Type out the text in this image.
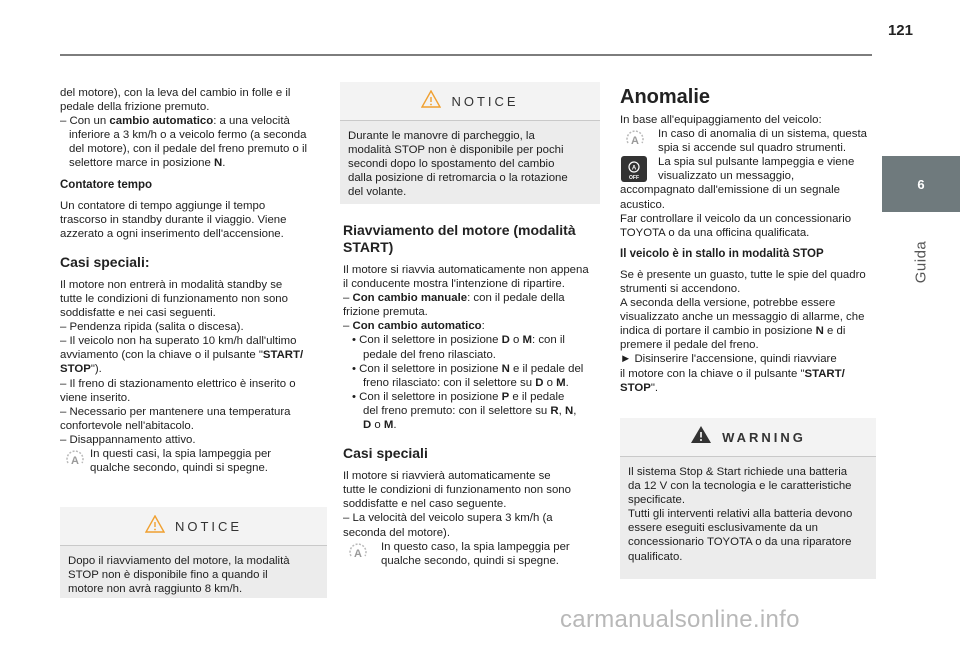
121
6
Guida

del motore), con la leva del cambio in folle e il

pedale della frizione premuto.

– Con un cambio automatico: a una velocità

inferiore a 3 km/h o a veicolo fermo (a seconda

del motore), con il pedale del freno premuto o il

selettore marce in posizione N.

Contatore tempo

Un contatore di tempo aggiunge il tempo

trascorso in standby durante il viaggio. Viene

azzerato a ogni inserimento dell'accensione.

Casi speciali:

Il motore non entrerà in modalità standby se

tutte le condizioni di funzionamento non sono

soddisfatte e nei casi seguenti.

– Pendenza ripida (salita o discesa).

– Il veicolo non ha superato 10 km/h dall'ultimo

avviamento (con la chiave o il pulsante "START/

STOP").

– Il freno di stazionamento elettrico è inserito o

viene inserito.

– Necessario per mantenere una temperatura

confortevole nell'abitacolo.

– Disappannamento attivo.

A

In questi casi, la spia lampeggia per

qualche secondo, quindi si spegne.

NOTICE

Dopo il riavviamento del motore, la modalità

STOP non è disponibile fino a quando il

motore non avrà raggiunto 8 km/h.

NOTICE

Durante le manovre di parcheggio, la

modalità STOP non è disponibile per pochi

secondi dopo lo spostamento del cambio

dalla posizione di retromarcia o la rotazione

del volante.

Riavviamento del motore (modalità
START)

Il motore si riavvia automaticamente non appena

il conducente mostra l'intenzione di ripartire.

– Con cambio manuale: con il pedale della

frizione premuta.

– Con cambio automatico:

• Con il selettore in posizione D o M: con il

pedale del freno rilasciato.

• Con il selettore in posizione N e il pedale del

freno rilasciato: con il selettore su D o M.

• Con il selettore in posizione P e il pedale

del freno premuto: con il selettore su R, N,

D o M.

Casi speciali

Il motore si riavvierà automaticamente se

tutte le condizioni di funzionamento non sono

soddisfatte e nel caso seguente.

– La velocità del veicolo supera 3 km/h (a

seconda del motore).

A

In questo caso, la spia lampeggia per

qualche secondo, quindi si spegne.

Anomalie

In base all'equipaggiamento del veicolo:

A

In caso di anomalia di un sistema, questa

spia si accende sul quadro strumenti.

A
OFF

La spia sul pulsante lampeggia e viene

visualizzato un messaggio,

accompagnato dall'emissione di un segnale

acustico.

Far controllare il veicolo da un concessionario

TOYOTA o da una officina qualificata.

Il veicolo è in stallo in modalità STOP

Se è presente un guasto, tutte le spie del quadro

strumenti si accendono.

A seconda della versione, potrebbe essere

visualizzato anche un messaggio di allarme, che

indica di portare il cambio in posizione N e di

premere il pedale del freno.

► Disinserire l'accensione, quindi riavviare

il motore con la chiave o il pulsante "START/

STOP".

WARNING

Il sistema Stop & Start richiede una batteria

da 12 V con la tecnologia e le caratteristiche

specificate.

Tutti gli interventi relativi alla batteria devono

essere eseguiti esclusivamente da un

concessionario TOYOTA o da una riparatore

qualificato.

carmanualsonline.info
